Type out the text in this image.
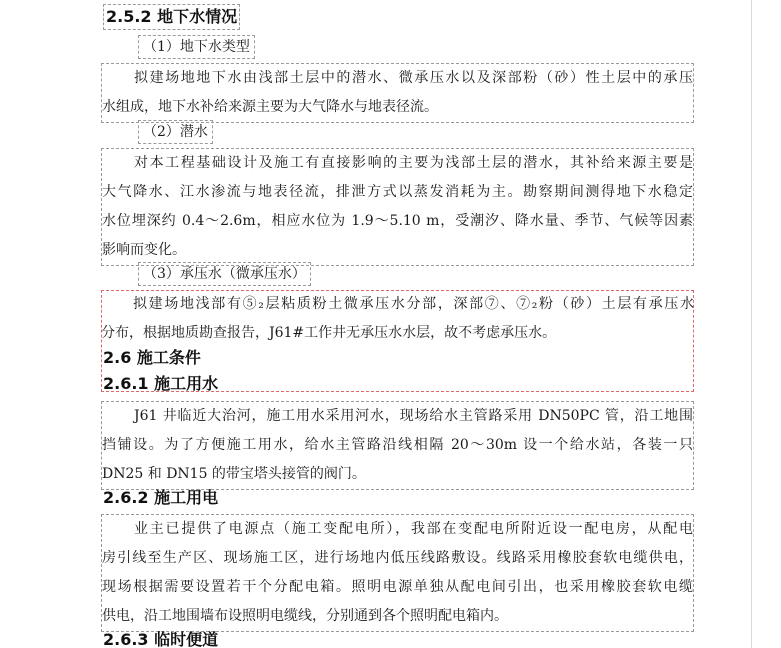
2.5.2 地下水情况
（1）地下水类型
拟建场地地下水由浅部土层中的潜水、微承压水以及深部粉（砂）性土层中的承压
水组成，地下水补给来源主要为大气降水与地表径流。
（2）潜水
对本工程基础设计及施工有直接影响的主要为浅部土层的潜水，其补给来源主要是
大气降水、江水渗流与地表径流，排泄方式以蒸发消耗为主。勘察期间测得地下水稳定
水位埋深约 0.4～2.6m，相应水位为 1.9～5.10 m，受潮汐、降水量、季节、气候等因素
影响而变化。
（3）承压水（微承压水）
拟建场地浅部有⑤₂层粘质粉土微承压水分部，深部⑦、⑦₂粉（砂）土层有承压水
分布，根据地质勘查报告，J61#工作井无承压水水层，故不考虑承压水。
2.6 施工条件
2.6.1 施工用水
J61 井临近大治河，施工用水采用河水，现场给水主管路采用 DN50PC 管，沿工地围
挡铺设。为了方便施工用水，给水主管路沿线相隔 20～30m 设一个给水站，各装一只
DN25 和 DN15 的带宝塔头接管的阀门。
2.6.2 施工用电
业主已提供了电源点（施工变配电所），我部在变配电所附近设一配电房，从配电
房引线至生产区、现场施工区，进行场地内低压线路敷设。线路采用橡胶套软电缆供电，
现场根据需要设置若干个分配电箱。照明电源单独从配电间引出，也采用橡胶套软电缆
供电，沿工地围墙布设照明电缆线，分别通到各个照明配电箱内。
2.6.3 临时便道
